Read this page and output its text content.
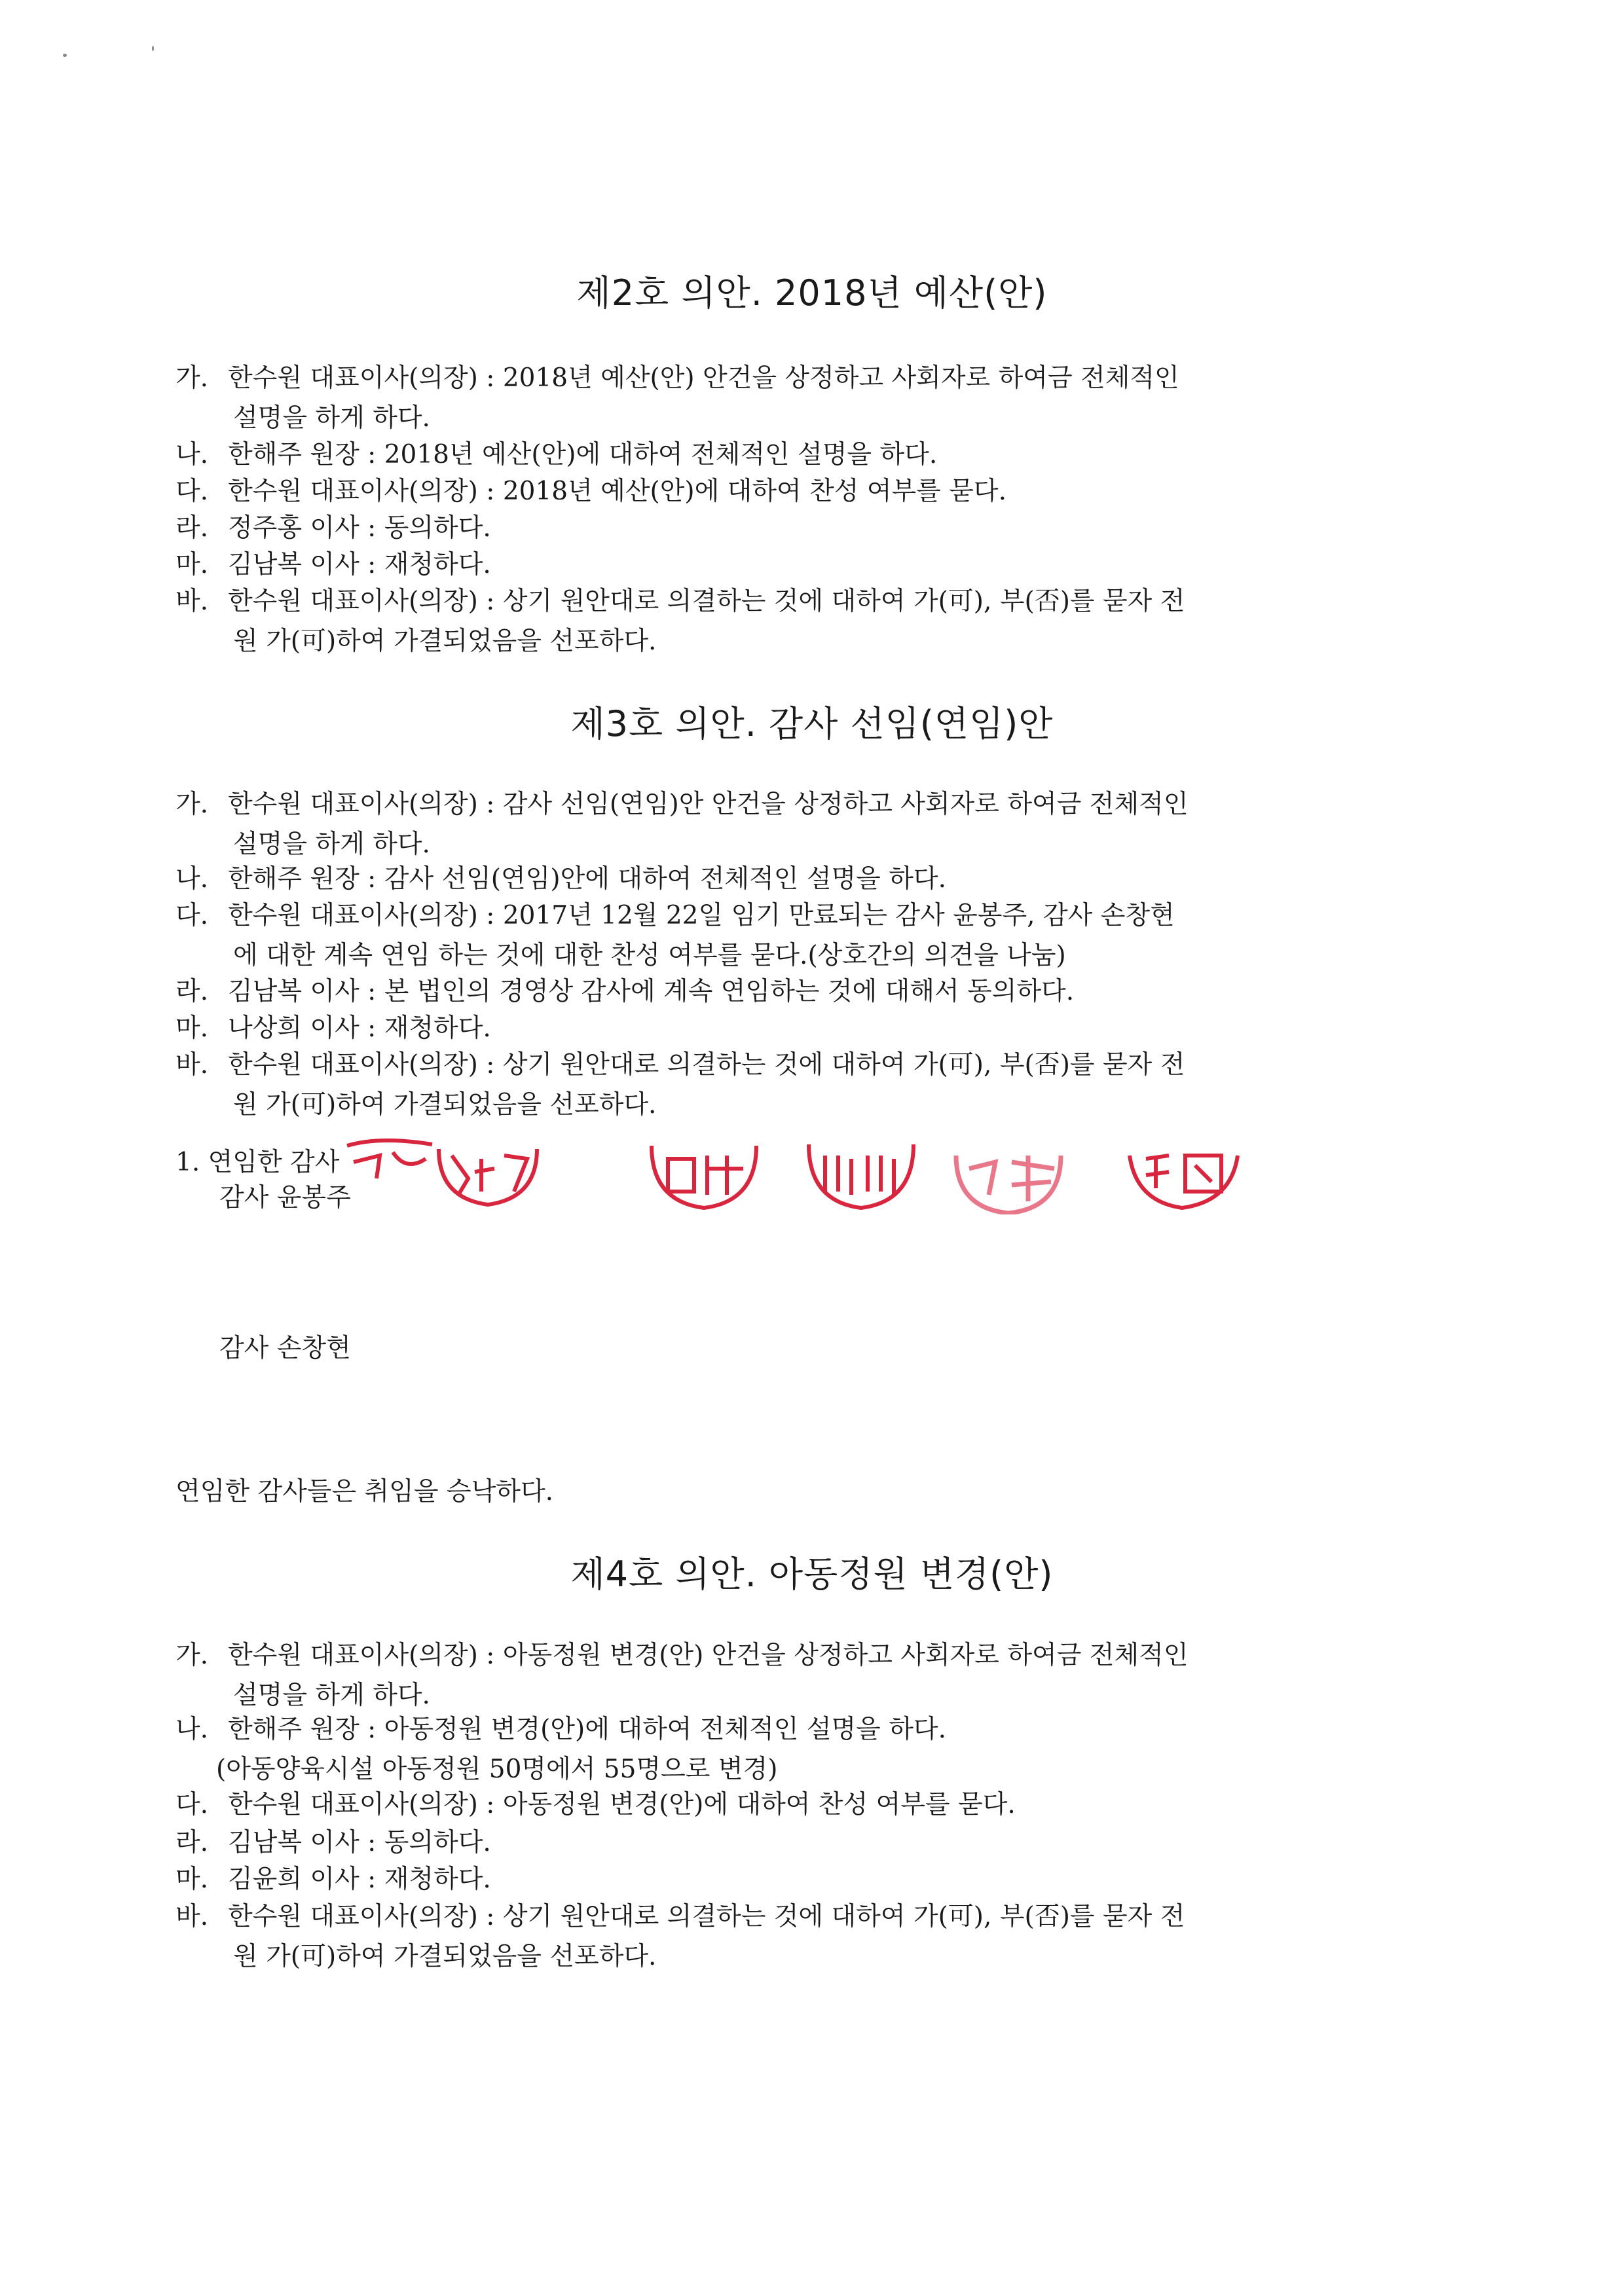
제2호 의안. 2018년 예산(안)
가. 한수원 대표이사(의장) : 2018년 예산(안) 안건을 상정하고 사회자로 하여금 전체적인
설명을 하게 하다.
나. 한해주 원장 : 2018년 예산(안)에 대하여 전체적인 설명을 하다.
다. 한수원 대표이사(의장) : 2018년 예산(안)에 대하여 찬성 여부를 묻다.
라. 정주홍 이사 : 동의하다.
마. 김남복 이사 : 재청하다.
바. 한수원 대표이사(의장) : 상기 원안대로 의결하는 것에 대하여 가(可), 부(否)를 묻자 전
원 가(可)하여 가결되었음을 선포하다.
제3호 의안. 감사 선임(연임)안
가. 한수원 대표이사(의장) : 감사 선임(연임)안 안건을 상정하고 사회자로 하여금 전체적인
설명을 하게 하다.
나. 한해주 원장 : 감사 선임(연임)안에 대하여 전체적인 설명을 하다.
다. 한수원 대표이사(의장) : 2017년 12월 22일 임기 만료되는 감사 윤봉주, 감사 손창현
에 대한 계속 연임 하는 것에 대한 찬성 여부를 묻다.(상호간의 의견을 나눔)
라. 김남복 이사 : 본 법인의 경영상 감사에 계속 연임하는 것에 대해서 동의하다.
마. 나상희 이사 : 재청하다.
바. 한수원 대표이사(의장) : 상기 원안대로 의결하는 것에 대하여 가(可), 부(否)를 묻자 전
원 가(可)하여 가결되었음을 선포하다.
1. 연임한 감사
감사 윤봉주
감사 손창현
연임한 감사들은 취임을 승낙하다.
제4호 의안. 아동정원 변경(안)
가. 한수원 대표이사(의장) : 아동정원 변경(안) 안건을 상정하고 사회자로 하여금 전체적인
설명을 하게 하다.
나. 한해주 원장 : 아동정원 변경(안)에 대하여 전체적인 설명을 하다.
(아동양육시설 아동정원 50명에서 55명으로 변경)
다. 한수원 대표이사(의장) : 아동정원 변경(안)에 대하여 찬성 여부를 묻다.
라. 김남복 이사 : 동의하다.
마. 김윤희 이사 : 재청하다.
바. 한수원 대표이사(의장) : 상기 원안대로 의결하는 것에 대하여 가(可), 부(否)를 묻자 전
원 가(可)하여 가결되었음을 선포하다.
